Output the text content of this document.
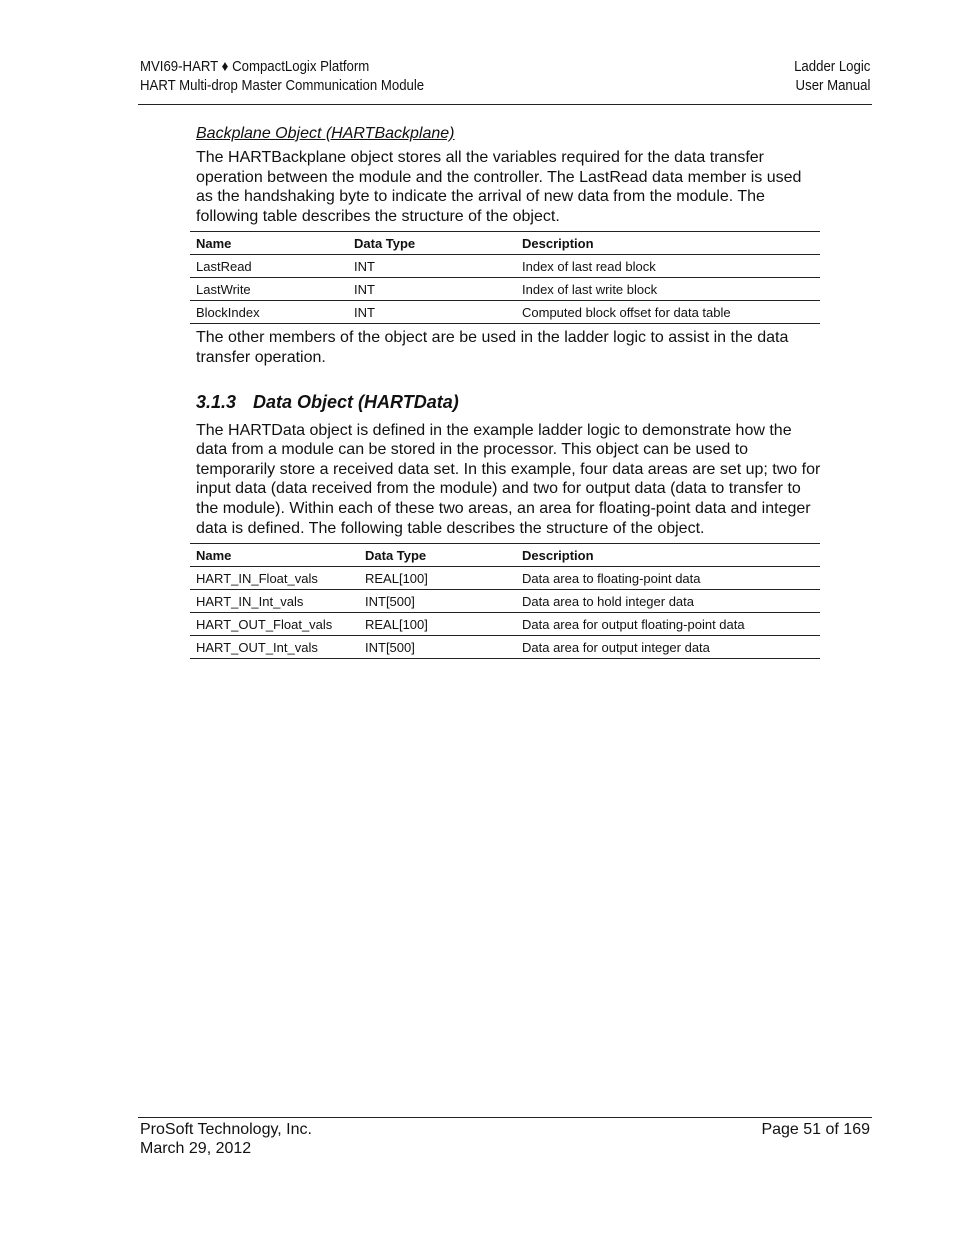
MVI69-HART ♦ CompactLogix Platform
HART Multi-drop Master Communication Module
Ladder Logic
User Manual

Backplane Object (HARTBackplane)

The HARTBackplane object stores all the variables required for the data transfer operation between the module and the controller. The LastRead data member is used as the handshaking byte to indicate the arrival of new data from the module. The following table describes the structure of the object.

Name	Data Type	Description
LastRead	INT	Index of last read block
LastWrite	INT	Index of last write block
BlockIndex	INT	Computed block offset for data table

The other members of the object are be used in the ladder logic to assist in the data transfer operation.

3.1.3 Data Object (HARTData)

The HARTData object is defined in the example ladder logic to demonstrate how the data from a module can be stored in the processor. This object can be used to temporarily store a received data set. In this example, four data areas are set up; two for input data (data received from the module) and two for output data (data to transfer to the module). Within each of these two areas, an area for floating-point data and integer data is defined. The following table describes the structure of the object.

Name	Data Type	Description
HART_IN_Float_vals	REAL[100]	Data area to floating-point data
HART_IN_Int_vals	INT[500]	Data area to hold integer data
HART_OUT_Float_vals	REAL[100]	Data area for output floating-point data
HART_OUT_Int_vals	INT[500]	Data area for output integer data
ProSoft Technology, Inc.
March 29, 2012
Page 51 of 169
